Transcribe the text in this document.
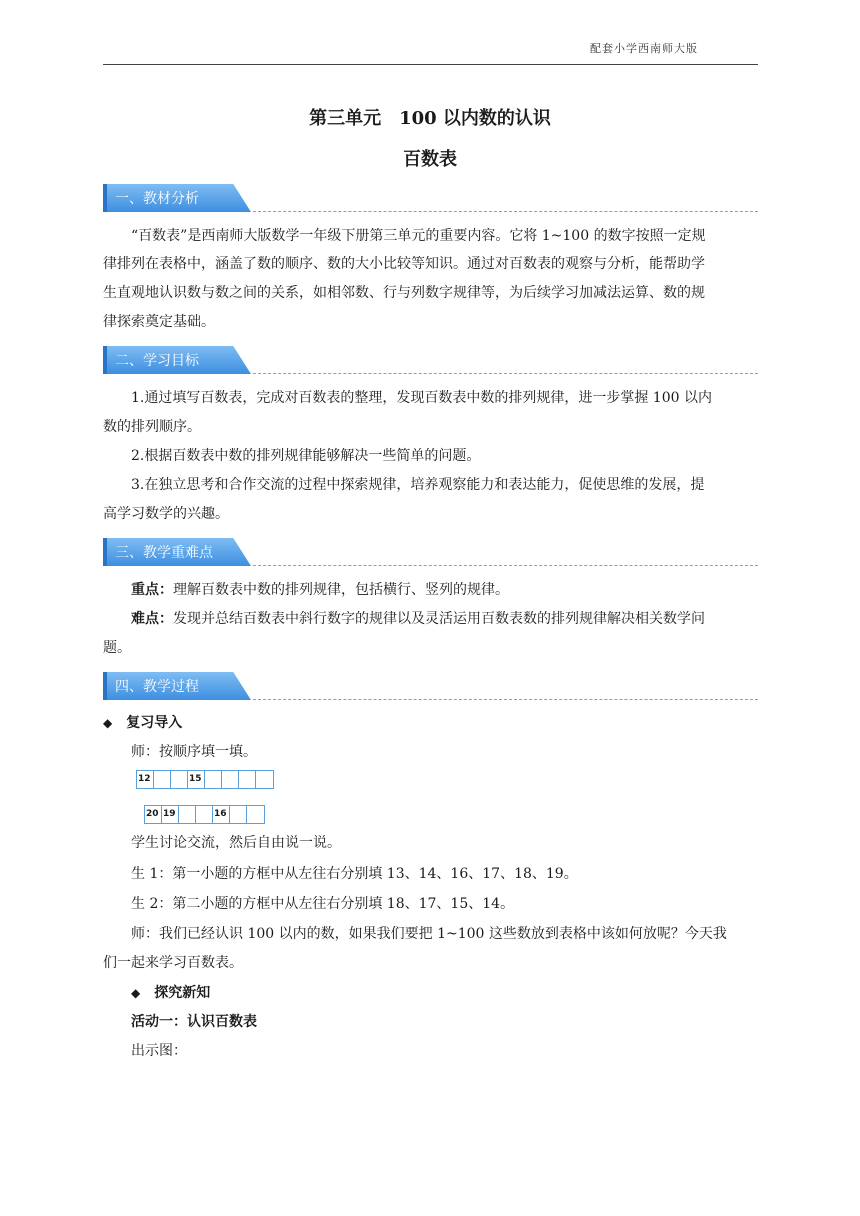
配套小学西南师大版
第三单元　100 以内数的认识
百数表
一、教材分析

“百数表”是西南师大版数学一年级下册第三单元的重要内容。它将 1~100 的数字按照一定规

律排列在表格中，涵盖了数的顺序、数的大小比较等知识。通过对百数表的观察与分析，能帮助学

生直观地认识数与数之间的关系，如相邻数、行与列数字规律等，为后续学习加减法运算、数的规

律探索奠定基础。

二、学习目标

1.通过填写百数表，完成对百数表的整理，发现百数表中数的排列规律，进一步掌握 100 以内

数的排列顺序。

2.根据百数表中数的排列规律能够解决一些简单的问题。

3.在独立思考和合作交流的过程中探索规律，培养观察能力和表达能力，促使思维的发展，提

高学习数学的兴趣。

三、教学重难点

重点：理解百数表中数的排列规律，包括横行、竖列的规律。

难点：发现并总结百数表中斜行数字的规律以及灵活运用百数表数的排列规律解决相关数学问

题。

四、教学过程

◆ 复习导入

师：按顺序填一填。

12	15
20 19	16

学生讨论交流，然后自由说一说。

生 1：第一小题的方框中从左往右分别填 13、14、16、17、18、19。

生 2：第二小题的方框中从左往右分别填 18、17、15、14。

师：我们已经认识 100 以内的数，如果我们要把 1~100 这些数放到表格中该如何放呢？今天我

们一起来学习百数表。

◆ 探究新知

活动一：认识百数表

出示图：
